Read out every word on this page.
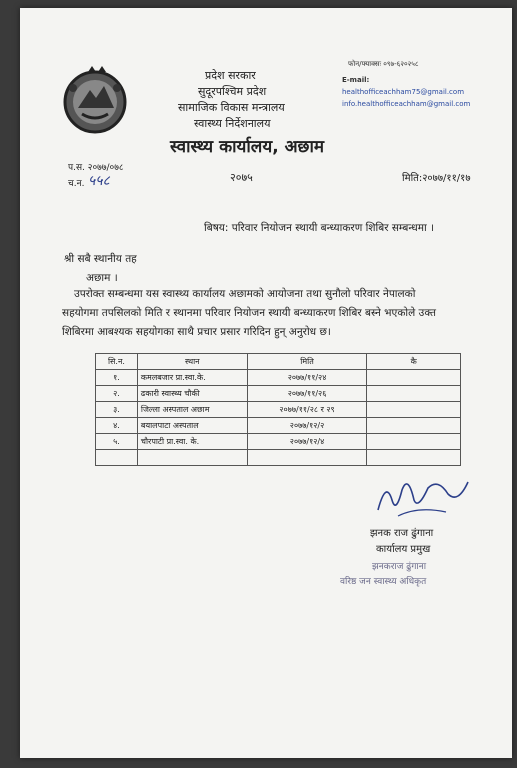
प्रदेश सरकार
सुदूरपश्चिम प्रदेश
सामाजिक विकास मन्त्रालय
स्वास्थ्य निर्देशनालय
स्वास्थ्य कार्यालय, अछाम
२०७५
फोन/फ्याक्सः ०९७-६२०२५८
E-mail:
healthofficeachham75@gmail.com
info.healthofficeachham@gmail.com
प.स. २०७७/०७८
च.न. ५५८	मिति:२०७७/११/१७
बिषय: परिवार नियोजन स्थायी बन्ध्याकरण शिबिर सम्बन्धमा ।
श्री सबै स्थानीय तह
अछाम ।
उपरोक्त सम्बन्धमा यस स्वास्थ्य कार्यालय अछामको आयोजना तथा सुनौलो परिवार नेपालको
सहयोगमा तपसिलको मिति र स्थानमा परिवार नियोजन स्थायी बन्ध्याकरण शिबिर बस्ने भएकोले उक्त
शिबिरमा आबश्यक सहयोगका साथै प्रचार प्रसार गरिदिन हुन् अनुरोध छ।
सि.न.	स्थान	मिति	कै
१.	कमलबजार प्रा.स्वा.के.	२०७७/११/२४	
२.	ढकारी स्वास्थ्य चौकी	२०७७/११/२६	
३.	जिल्ला अस्पताल अछाम	२०७७/११/२८ र २९	
४.	बयालपाटा अस्पताल	२०७७/१२/२	
५.	चौरपाटी प्रा.स्वा. के.	२०७७/१२/४	

झनक राज ढुंगाना
कार्यालय प्रमुख
झनकराज ढुंगाना
वरिष्ठ जन स्वास्थ्य अधिकृत
